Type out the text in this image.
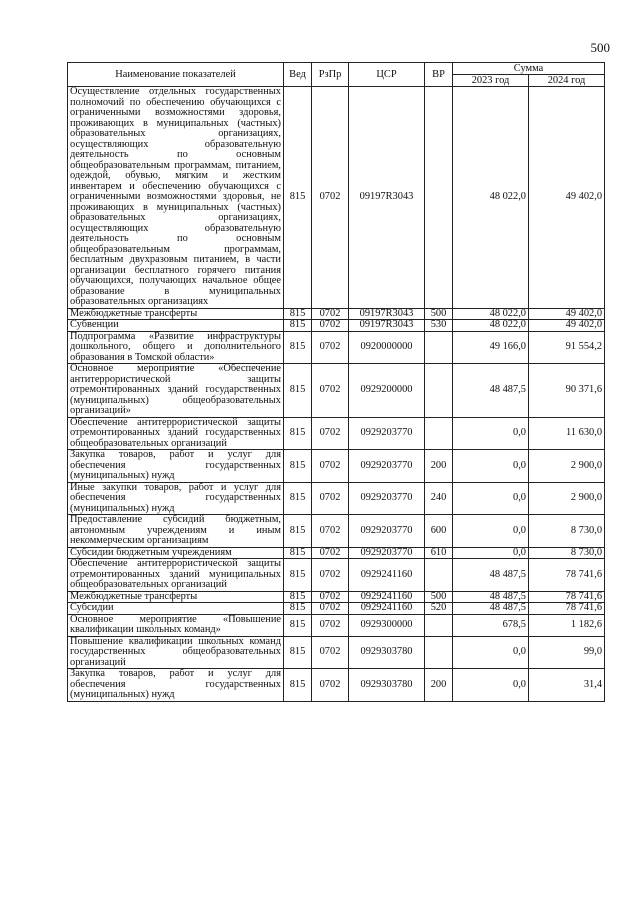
500
Наименование показателей	Вед	РзПр	ЦСР	ВР	Сумма	
					2023 год	2024 год
Осуществление отдельных государственных полномочий по обеспечению обучающихся с ограниченными возможностями здоровья, проживающих в муниципальных (частных) образовательных организациях, осуществляющих образовательную деятельность по основным общеобразовательным программам, питанием, одеждой, обувью, мягким и жестким инвентарем и обеспечению обучающихся с ограниченными возможностями здоровья, не проживающих в муниципальных (частных) образовательных организациях, осуществляющих образовательную деятельность по основным общеобразовательным программам, бесплатным двухразовым питанием, в части организации бесплатного горячего питания обучающихся, получающих начальное общее образование в муниципальных образовательных организациях	815	0702	09197R3043		48 022,0	49 402,0
Межбюджетные трансферты	815	0702	09197R3043	500	48 022,0	49 402,0
Субвенции	815	0702	09197R3043	530	48 022,0	49 402,0
Подпрограмма «Развитие инфраструктуры дошкольного, общего и дополнительного образования в Томской области»	815	0702	0920000000		49 166,0	91 554,2
Основное мероприятие «Обеспечение антитеррористической защиты отремонтированных зданий государственных (муниципальных) общеобразовательных организаций»	815	0702	0929200000		48 487,5	90 371,6
Обеспечение антитеррористической защиты отремонтированных зданий государственных общеобразовательных организаций	815	0702	0929203770		0,0	11 630,0
Закупка товаров, работ и услуг для обеспечения государственных (муниципальных) нужд	815	0702	0929203770	200	0,0	2 900,0
Иные закупки товаров, работ и услуг для обеспечения государственных (муниципальных) нужд	815	0702	0929203770	240	0,0	2 900,0
Предоставление субсидий бюджетным, автономным учреждениям и иным некоммерческим организациям	815	0702	0929203770	600	0,0	8 730,0
Субсидии бюджетным учреждениям	815	0702	0929203770	610	0,0	8 730,0
Обеспечение антитеррористической защиты отремонтированных зданий муниципальных общеобразовательных организаций	815	0702	0929241160		48 487,5	78 741,6
Межбюджетные трансферты	815	0702	0929241160	500	48 487,5	78 741,6
Субсидии	815	0702	0929241160	520	48 487,5	78 741,6
Основное мероприятие «Повышение квалификации школьных команд»	815	0702	0929300000		678,5	1 182,6
Повышение квалификации школьных команд государственных общеобразовательных организаций	815	0702	0929303780		0,0	99,0
Закупка товаров, работ и услуг для обеспечения государственных (муниципальных) нужд	815	0702	0929303780	200	0,0	31,4
